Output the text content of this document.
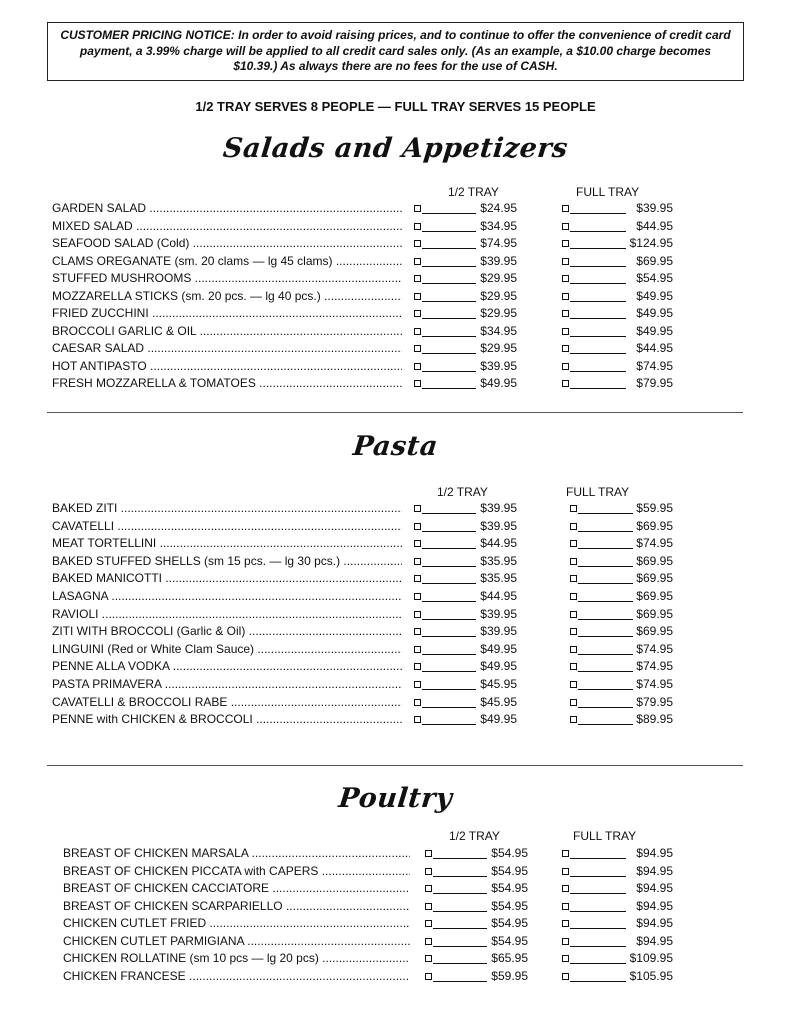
CUSTOMER PRICING NOTICE: In order to avoid raising prices, and to continue to offer the convenience of credit card payment, a 3.99% charge will be applied to all credit card sales only. (As an example, a $10.00 charge becomes $10.39.) As always there are no fees for the use of CASH.
1/2 TRAY SERVES 8 PEOPLE — FULL TRAY SERVES 15 PEOPLE
Salads and Appetizers
Pasta
Poultry
1/2 TRAY	FULL TRAY
1/2 TRAY	FULL TRAY
1/2 TRAY	FULL TRAY
GARDEN SALAD .....	$24.95	$39.95
MIXED SALAD .....	$34.95	$44.95
SEAFOOD SALAD (Cold) .....	$74.95	$124.95
CLAMS OREGANATE (sm. 20 clams — lg 45 clams) .....	$39.95	$69.95
STUFFED MUSHROOMS .....	$29.95	$54.95
MOZZARELLA STICKS (sm. 20 pcs. — lg 40 pcs.) .....	$29.95	$49.95
FRIED ZUCCHINI .....	$29.95	$49.95
BROCCOLI GARLIC & OIL .....	$34.95	$49.95
CAESAR SALAD .....	$29.95	$44.95
HOT ANTIPASTO .....	$39.95	$74.95
FRESH MOZZARELLA & TOMATOES .....	$49.95	$79.95
BAKED ZITI .....	$39.95	$59.95
CAVATELLI .....	$39.95	$69.95
MEAT TORTELLINI .....	$44.95	$74.95
BAKED STUFFED SHELLS (sm 15 pcs. — lg 30 pcs.) .....	$35.95	$69.95
BAKED MANICOTTI .....	$35.95	$69.95
LASAGNA .....	$44.95	$69.95
RAVIOLI .....	$39.95	$69.95
ZITI WITH BROCCOLI (Garlic & Oil) .....	$39.95	$69.95
LINGUINI (Red or White Clam Sauce) .....	$49.95	$74.95
PENNE ALLA VODKA .....	$49.95	$74.95
PASTA PRIMAVERA .....	$45.95	$74.95
CAVATELLI & BROCCOLI RABE .....	$45.95	$79.95
PENNE with CHICKEN & BROCCOLI .....	$49.95	$89.95
BREAST OF CHICKEN MARSALA .....	$54.95	$94.95
BREAST OF CHICKEN PICCATA with CAPERS .....	$54.95	$94.95
BREAST OF CHICKEN CACCIATORE .....	$54.95	$94.95
BREAST OF CHICKEN SCARPARIELLO .....	$54.95	$94.95
CHICKEN CUTLET FRIED .....	$54.95	$94.95
CHICKEN CUTLET PARMIGIANA .....	$54.95	$94.95
CHICKEN ROLLATINE (sm 10 pcs — lg 20 pcs) .....	$65.95	$109.95
CHICKEN FRANCESE .....	$59.95	$105.95
